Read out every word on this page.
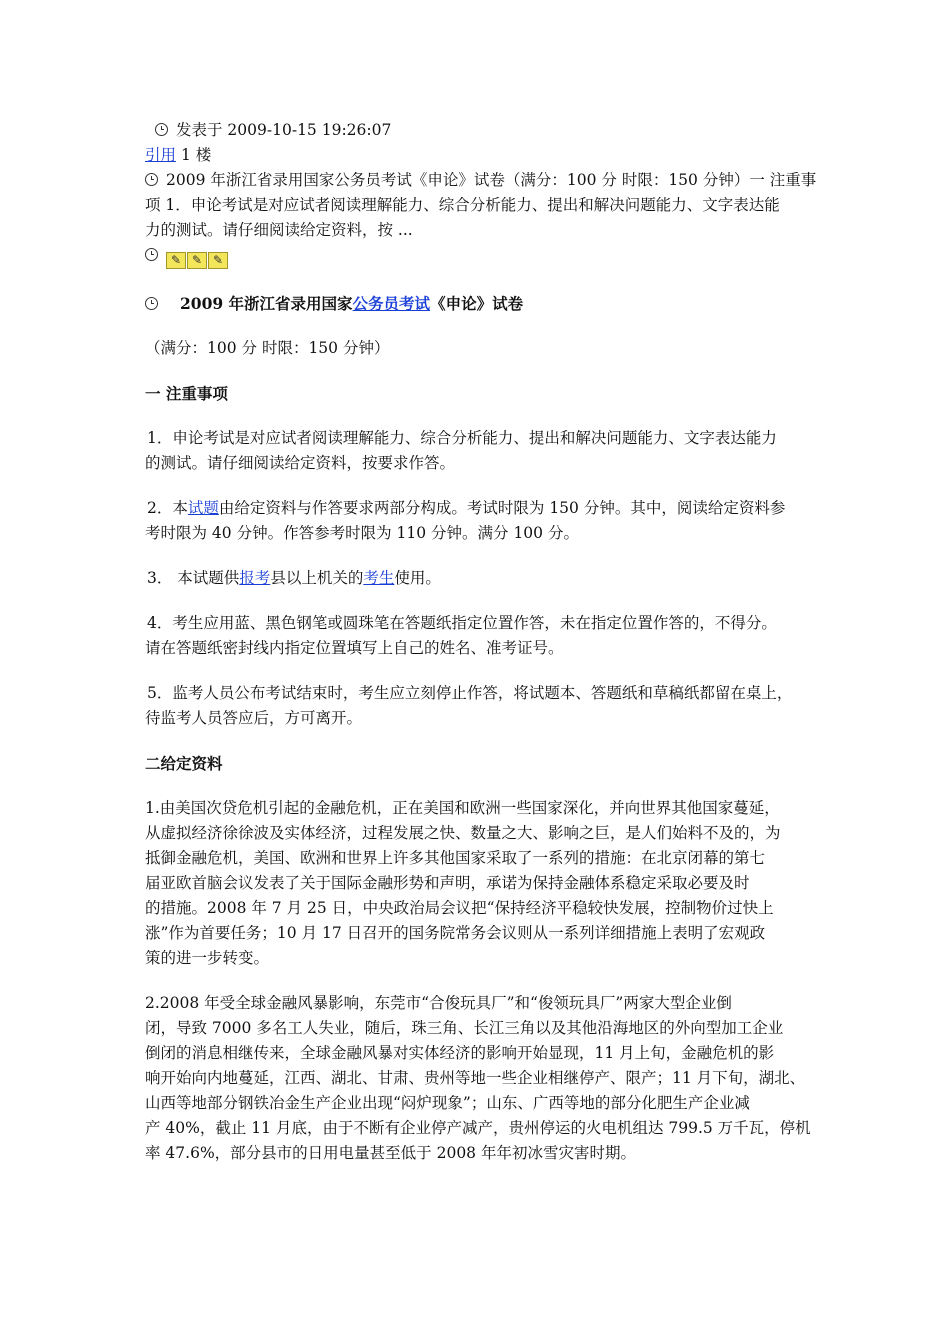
发表于 2009-10-15 19:26:07
引用 1 楼
2009 年浙江省录用国家公务员考试《申论》试卷（满分：100 分 时限：150 分钟）一 注重事
项 1．申论考试是对应试者阅读理解能力、综合分析能力、提出和解决问题能力、文字表达能
力的测试。请仔细阅读给定资料，按 ...
✎ ✎ ✎
2009 年浙江省录用国家公务员考试《申论》试卷
（满分：100 分 时限：150 分钟）
一 注重事项
1．申论考试是对应试者阅读理解能力、综合分析能力、提出和解决问题能力、文字表达能力
的测试。请仔细阅读给定资料，按要求作答。
2．本试题由给定资料与作答要求两部分构成。考试时限为 150 分钟。其中，阅读给定资料参
考时限为 40 分钟。作答参考时限为 110 分钟。满分 100 分。
3． 本试题供报考县以上机关的考生使用。
4．考生应用蓝、黑色钢笔或圆珠笔在答题纸指定位置作答，未在指定位置作答的，不得分。
请在答题纸密封线内指定位置填写上自己的姓名、准考证号。
5．监考人员公布考试结束时，考生应立刻停止作答，将试题本、答题纸和草稿纸都留在桌上，
待监考人员答应后，方可离开。
二给定资料
1.由美国次贷危机引起的金融危机，正在美国和欧洲一些国家深化，并向世界其他国家蔓延，
从虚拟经济徐徐波及实体经济，过程发展之快、数量之大、影响之巨，是人们始料不及的，为
抵御金融危机，美国、欧洲和世界上许多其他国家采取了一系列的措施：在北京闭幕的第七
届亚欧首脑会议发表了关于国际金融形势和声明，承诺为保持金融体系稳定采取必要及时
的措施。2008 年 7 月 25 日，中央政治局会议把“保持经济平稳较快发展，控制物价过快上
涨”作为首要任务；10 月 17 日召开的国务院常务会议则从一系列详细措施上表明了宏观政
策的进一步转变。
2.2008 年受全球金融风暴影响，东莞市“合俊玩具厂”和“俊领玩具厂”两家大型企业倒
闭，导致 7000 多名工人失业，随后，珠三角、长江三角以及其他沿海地区的外向型加工企业
倒闭的消息相继传来，全球金融风暴对实体经济的影响开始显现，11 月上旬，金融危机的影
响开始向内地蔓延，江西、湖北、甘肃、贵州等地一些企业相继停产、限产；11 月下旬，湖北、
山西等地部分钢铁冶金生产企业出现“闷炉现象”；山东、广西等地的部分化肥生产企业减
产 40%，截止 11 月底，由于不断有企业停产减产，贵州停运的火电机组达 799.5 万千瓦，停机
率 47.6%，部分县市的日用电量甚至低于 2008 年年初冰雪灾害时期。
